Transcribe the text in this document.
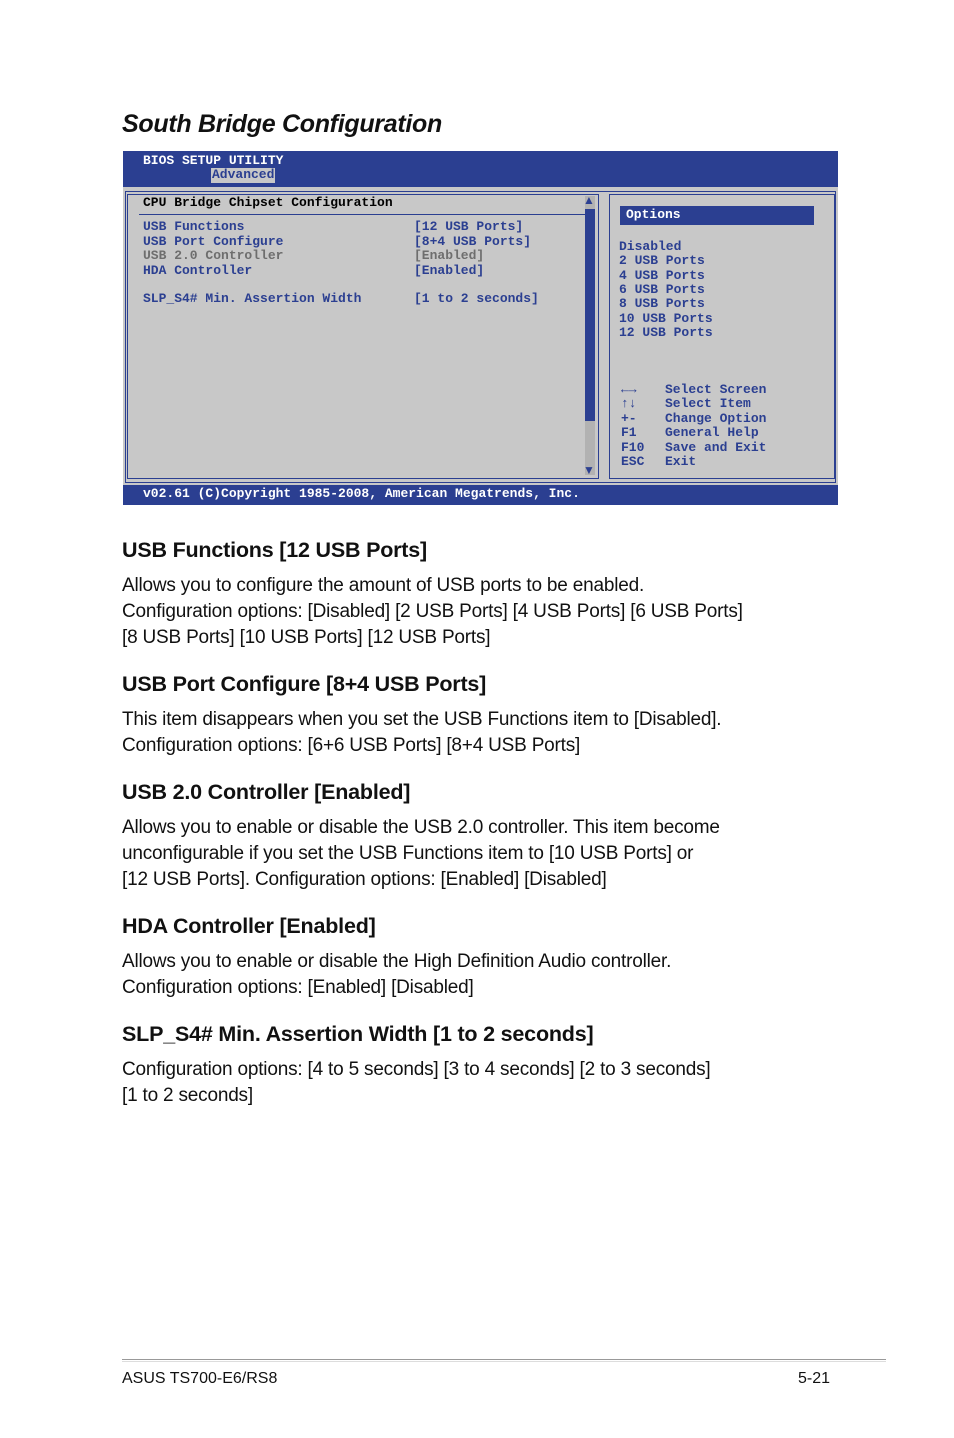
South Bridge Configuration
BIOS SETUP UTILITY
Advanced
CPU Bridge Chipset Configuration
USB Functions	[12 USB Ports]
USB Port Configure	[8+4 USB Ports]
USB 2.0 Controller	[Enabled]
HDA Controller	[Enabled]
SLP_S4# Min. Assertion Width	[1 to 2 seconds]
▲
▼
Options
Disabled
2 USB Ports
4 USB Ports
6 USB Ports
8 USB Ports
10 USB Ports
12 USB Ports
←→ Select Screen
↑↓ Select Item
+- Change Option
F1 General Help
F10 Save and Exit
ESC Exit
v02.61 (C)Copyright 1985-2008, American Megatrends, Inc.
USB Functions [12 USB Ports]
Allows you to configure the amount of USB ports to be enabled.
Configuration options: [Disabled] [2 USB Ports] [4 USB Ports] [6 USB Ports]
[8 USB Ports] [10 USB Ports] [12 USB Ports]
USB Port Configure [8+4 USB Ports]
This item disappears when you set the USB Functions item to [Disabled].
Configuration options: [6+6 USB Ports] [8+4 USB Ports]
USB 2.0 Controller [Enabled]
Allows you to enable or disable the USB 2.0 controller. This item become
unconfigurable if you set the USB Functions item to [10 USB Ports] or
[12 USB Ports]. Configuration options: [Enabled] [Disabled]
HDA Controller [Enabled]
Allows you to enable or disable the High Definition Audio controller.
Configuration options: [Enabled] [Disabled]
SLP_S4# Min. Assertion Width [1 to 2 seconds]
Configuration options: [4 to 5 seconds] [3 to 4 seconds] [2 to 3 seconds]
[1 to 2 seconds]
ASUS TS700-E6/RS8	5-21
